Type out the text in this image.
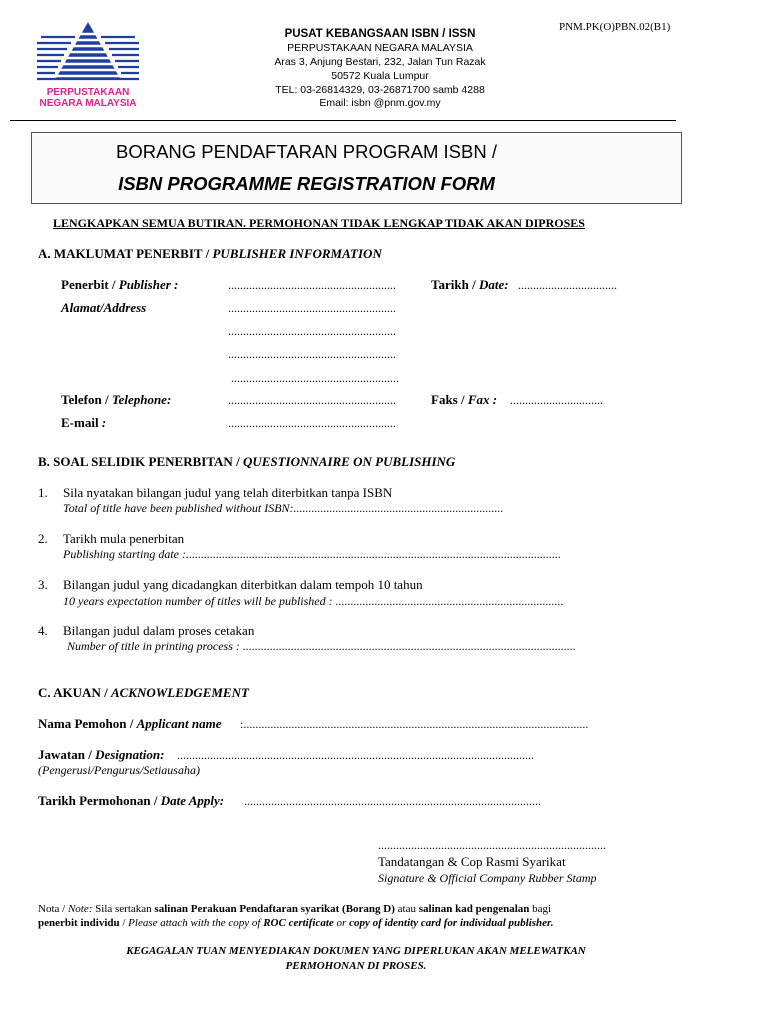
PNM.PK(O)PBN.02(B1)
PERPUSTAKAAN
NEGARA MALAYSIA
PUSAT KEBANGSAAN ISBN / ISSN
PERPUSTAKAAN NEGARA MALAYSIA
Aras 3, Anjung Bestari, 232, Jalan Tun Razak
50572 Kuala Lumpur
TEL: 03-26814329, 03-26871700 samb 4288
Email: isbn @pnm.gov.my
BORANG PENDAFTARAN PROGRAM ISBN /
ISBN PROGRAMME REGISTRATION FORM
LENGKAPKAN SEMUA BUTIRAN. PERMOHONAN TIDAK LENGKAP TIDAK AKAN DIPROSES
A. MAKLUMAT PENERBIT / PUBLISHER INFORMATION
Penerbit / Publisher :	........................................................	Tarikh / Date: .................................
Alamat/Address	........................................................
........................................................
........................................................
........................................................
Telefon / Telephone:	........................................................	Faks / Fax : ...............................
E-mail :	........................................................
B. SOAL SELIDIK PENERBITAN / QUESTIONNAIRE ON PUBLISHING
1. Sila nyatakan bilangan judul yang telah diterbitkan tanpa ISBN
Total of title have been published without ISBN:......................................................................
2. Tarikh mula penerbitan
Publishing starting date :.............................................................................................................................
3. Bilangan judul yang dicadangkan diterbitkan dalam tempoh 10 tahun
10 years expectation number of titles will be published : ............................................................................
4. Bilangan judul dalam proses cetakan
Number of title in printing process : ...............................................................................................................
C. AKUAN / ACKNOWLEDGEMENT
Nama Pemohon / Applicant name :...................................................................................................................
Jawatan / Designation: .......................................................................................................................
(Pengerusi/Pengurus/Setiausaha)
Tarikh Permohonan / Date Apply: ...................................................................................................
............................................................................
Tandatangan & Cop Rasmi Syarikat
Signature & Official Company Rubber Stamp
Nota / Note: Sila sertakan salinan Perakuan Pendaftaran syarikat (Borang D) atau salinan kad pengenalan bagi
penerbit individu / Please attach with the copy of ROC certificate or copy of identity card for individual publisher.
KEGAGALAN TUAN MENYEDIAKAN DOKUMEN YANG DIPERLUKAN AKAN MELEWATKAN
PERMOHONAN DI PROSES.
